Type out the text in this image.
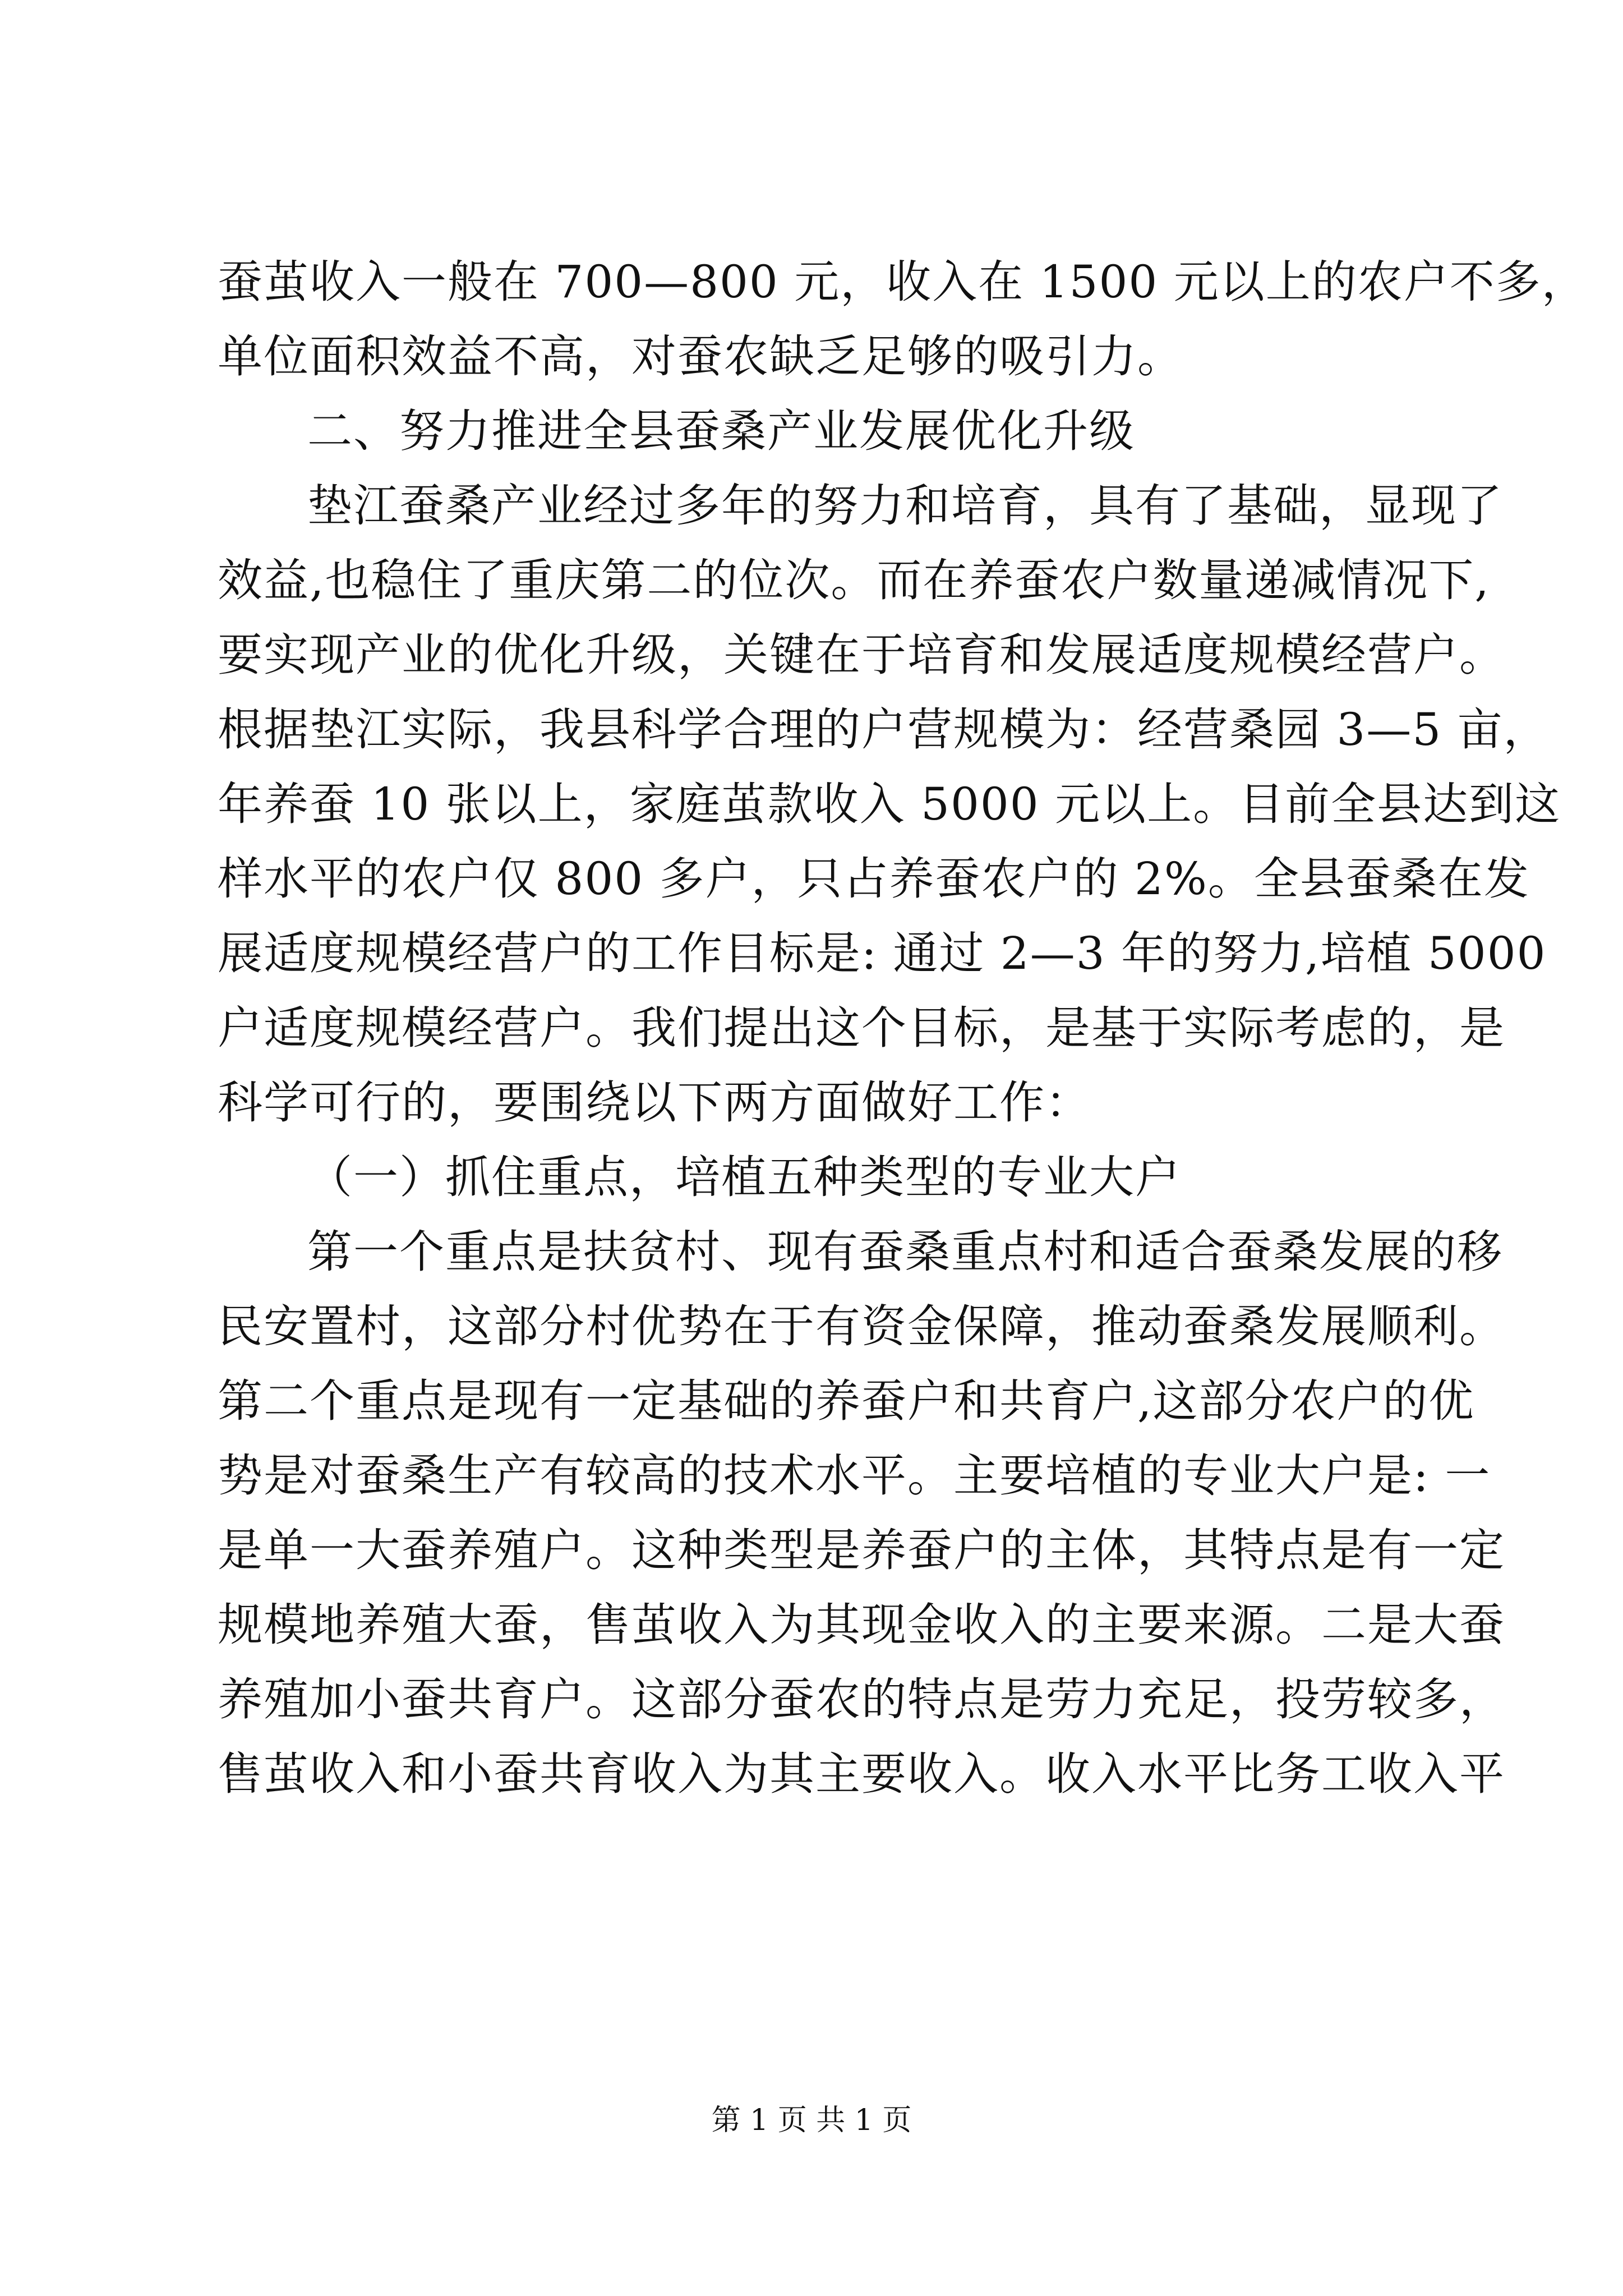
蚕茧收入一般在 700—800 元，收入在 1500 元以上的农户不多，
单位面积效益不高，对蚕农缺乏足够的吸引力。
二、努力推进全县蚕桑产业发展优化升级
垫江蚕桑产业经过多年的努力和培育，具有了基础，显现了
效益,也稳住了重庆第二的位次。而在养蚕农户数量递减情况下,
要实现产业的优化升级，关键在于培育和发展适度规模经营户。
根据垫江实际，我县科学合理的户营规模为：经营桑园 3—5 亩，
年养蚕 10 张以上，家庭茧款收入 5000 元以上。目前全县达到这
样水平的农户仅 800 多户，只占养蚕农户的 2%。全县蚕桑在发
展适度规模经营户的工作目标是: 通过 2—3 年的努力,培植 5000
户适度规模经营户。我们提出这个目标，是基于实际考虑的，是
科学可行的，要围绕以下两方面做好工作：
（一）抓住重点，培植五种类型的专业大户
第一个重点是扶贫村、现有蚕桑重点村和适合蚕桑发展的移
民安置村，这部分村优势在于有资金保障，推动蚕桑发展顺利。
第二个重点是现有一定基础的养蚕户和共育户,这部分农户的优
势是对蚕桑生产有较高的技术水平。主要培植的专业大户是: 一
是单一大蚕养殖户。这种类型是养蚕户的主体，其特点是有一定
规模地养殖大蚕，售茧收入为其现金收入的主要来源。二是大蚕
养殖加小蚕共育户。这部分蚕农的特点是劳力充足，投劳较多，
售茧收入和小蚕共育收入为其主要收入。收入水平比务工收入平
第 1 页 共 1 页
